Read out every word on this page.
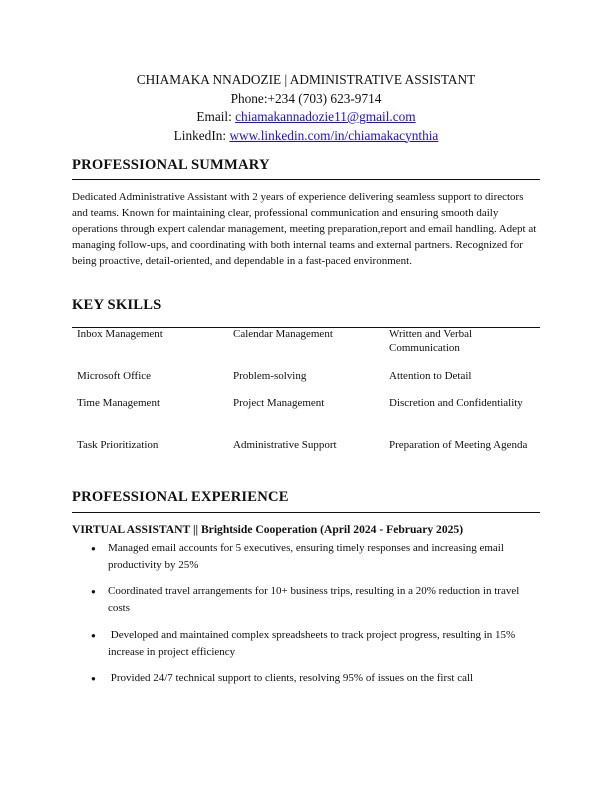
CHIAMAKA NNADOZIE | ADMINISTRATIVE ASSISTANT
Phone:+234 (703) 623-9714
Email: chiamakannadozie11@gmail.com
LinkedIn: www.linkedin.com/in/chiamakacynthia
PROFESSIONAL SUMMARY
Dedicated Administrative Assistant with 2 years of experience delivering seamless support to directors and teams. Known for maintaining clear, professional communication and ensuring smooth daily operations through expert calendar management, meeting preparation,report and email handling. Adept at managing follow-ups, and coordinating with both internal teams and external partners. Recognized for being proactive, detail-oriented, and dependable in a fast-paced environment.
KEY SKILLS
Inbox Management	Calendar Management	Written and Verbal Communication
Microsoft Office	Problem-solving	Attention to Detail
Time Management	Project Management	Discretion and Confidentiality
Task Prioritization	Administrative Support	Preparation of Meeting Agenda
PROFESSIONAL EXPERIENCE
VIRTUAL ASSISTANT || Brightside Cooperation (April 2024 - February 2025)
● Managed email accounts for 5 executives, ensuring timely responses and increasing email productivity by 25%
● Coordinated travel arrangements for 10+ business trips, resulting in a 20% reduction in travel costs
● Developed and maintained complex spreadsheets to track project progress, resulting in 15% increase in project efficiency
● Provided 24/7 technical support to clients, resolving 95% of issues on the first call
